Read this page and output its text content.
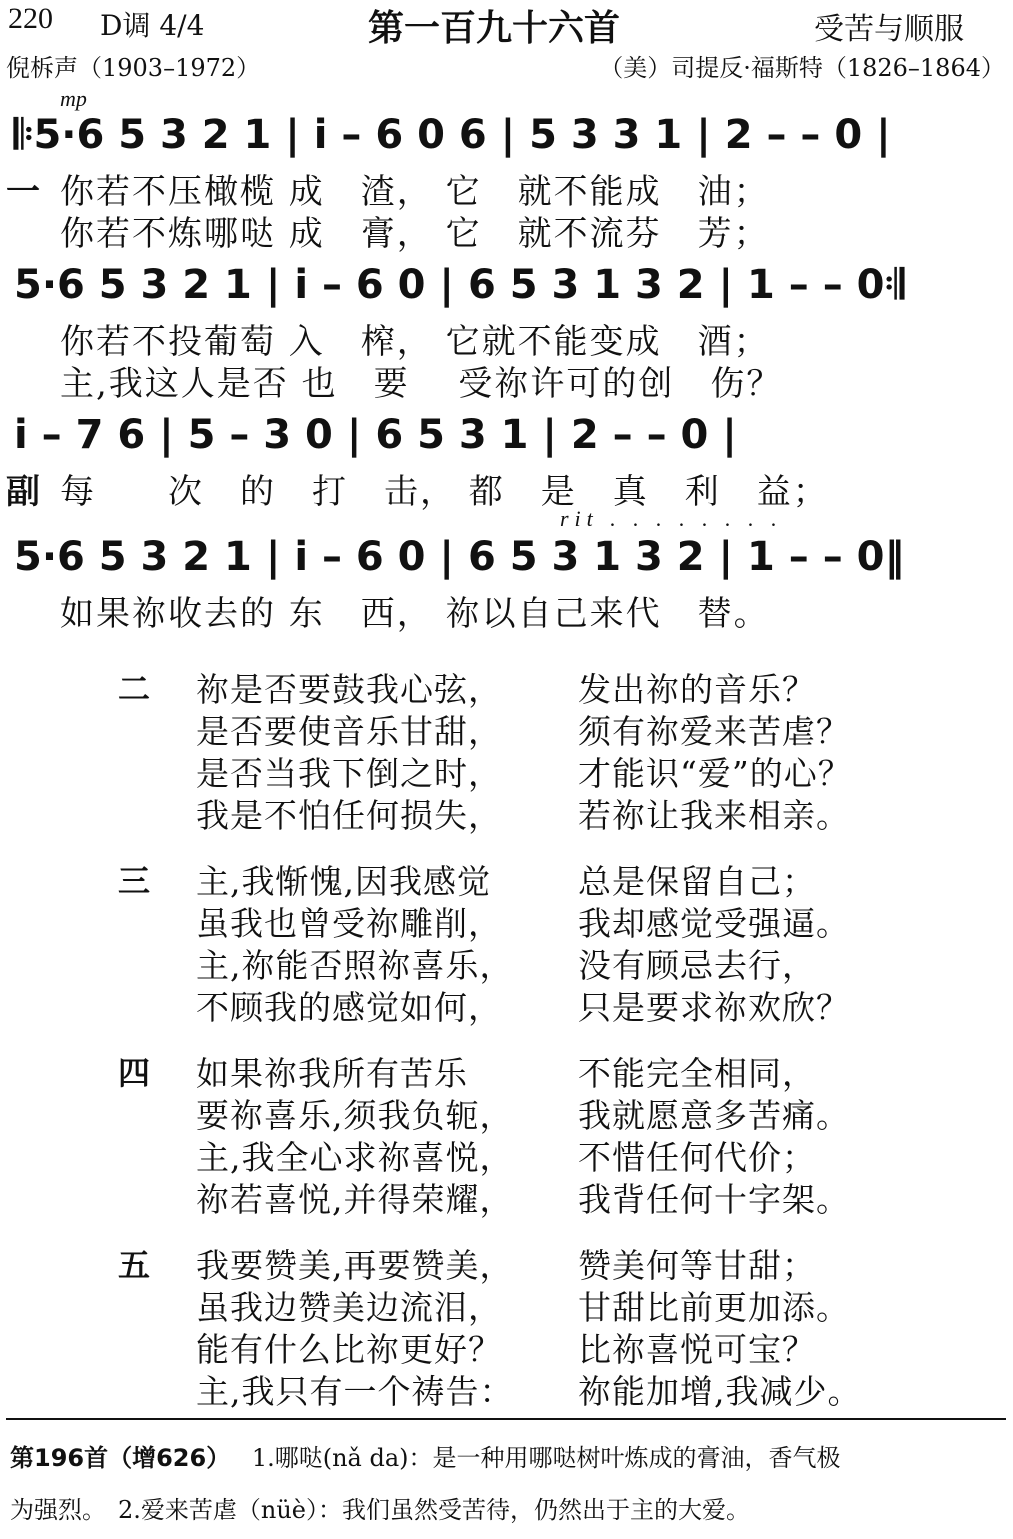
220 D调 4/4	第一百九十六首	受苦与顺服
倪柝声（1903–1972）	（美）司提反·福斯特（1826–1864）
mp
𝄆5·6 5 3 2 1 | i – 6 0 6 | 5 3 3 1 | 2 – – 0 |
一 你若不压橄榄 成　渣， 它　就不能成　油；
你若不炼哪哒 成　膏， 它　就不流芬　芳；
5·6 5 3 2 1 | i – 6 0 | 6 5 3 1 3 2 | 1 – – 0𝄇
你若不投葡萄 入　榨， 它就不能变成　酒；
主,我这人是否 也　要　 受祢许可的创　伤？
i – 7 6 | 5 – 3 0 | 6 5 3 1 | 2 – – 0 |
副 每　　次　的　打　击， 都　是　真　利　益；
rit . . . . . . . .
5·6 5 3 2 1 | i – 6 0 | 6 5 3 1 3 2 | 1 – – 0‖
如果祢收去的 东　西， 祢以自己来代　替。
二 祢是否要鼓我心弦， 发出祢的音乐？
是否要使音乐甘甜， 须有祢爱来苦虐？
是否当我下倒之时， 才能识“爱”的心？
我是不怕任何损失， 若祢让我来相亲。
三 主,我惭愧,因我感觉	总是保留自己；
虽我也曾受祢雕削， 我却感觉受强逼。
主,祢能否照祢喜乐， 没有顾忌去行，
不顾我的感觉如何， 只是要求祢欢欣？
四 如果祢我所有苦乐	不能完全相同，
要祢喜乐,须我负轭， 我就愿意多苦痛。
主,我全心求祢喜悦， 不惜任何代价；
祢若喜悦,并得荣耀， 我背任何十字架。
五 我要赞美,再要赞美， 赞美何等甘甜；
虽我边赞美边流泪， 甘甜比前更加添。
能有什么比祢更好？ 比祢喜悦可宝？
主,我只有一个祷告： 祢能加增,我减少。
第196首（增626） 1.哪哒(nǎ da)：是一种用哪哒树叶炼成的膏油，香气极
为强烈。　2.爱来苦虐（nüè）：我们虽然受苦待，仍然出于主的大爱。
